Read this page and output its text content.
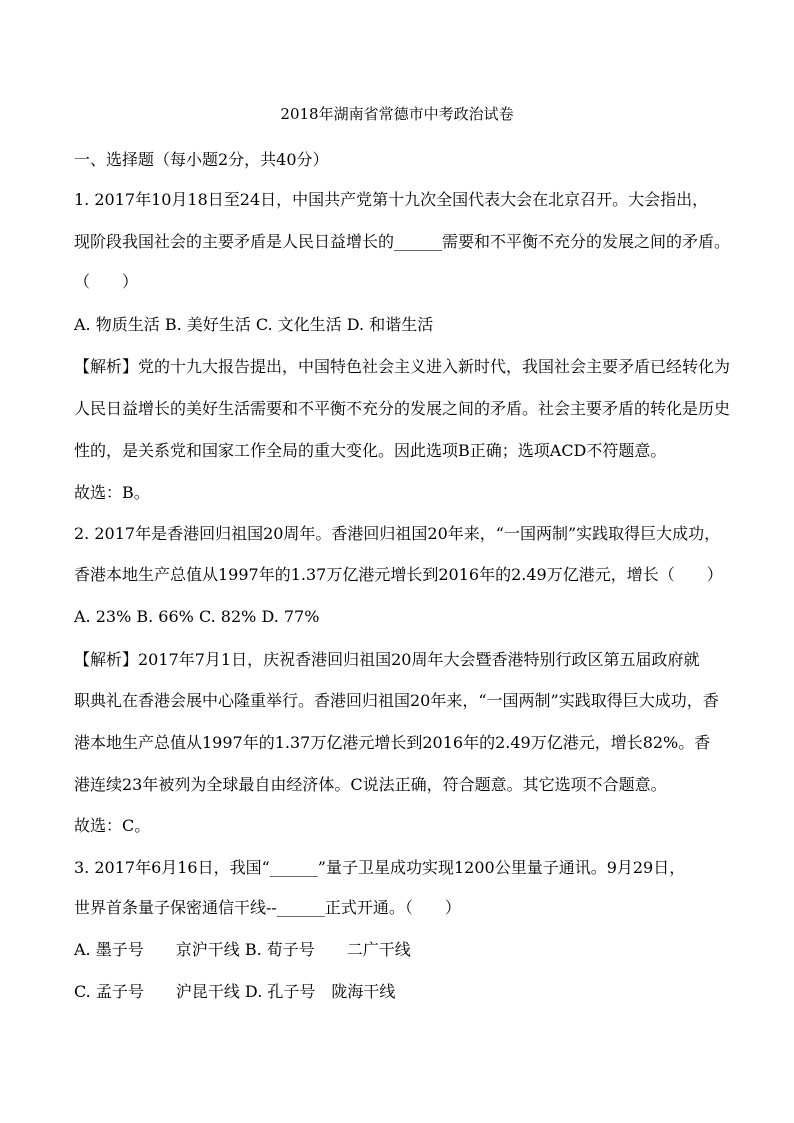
2018年湖南省常德市中考政治试卷
一、选择题（每小题2分，共40分）
1. 2017年10月18日至24日，中国共产党第十九次全国代表大会在北京召开。大会指出，
现阶段我国社会的主要矛盾是人民日益增长的______需要和不平衡不充分的发展之间的矛盾。
（　　）
A. 物质生活 B. 美好生活 C. 文化生活 D. 和谐生活
【解析】党的十九大报告提出，中国特色社会主义进入新时代，我国社会主要矛盾已经转化为
人民日益增长的美好生活需要和不平衡不充分的发展之间的矛盾。社会主要矛盾的转化是历史
性的，是关系党和国家工作全局的重大变化。因此选项B正确；选项ACD不符题意。
故选：B。
2. 2017年是香港回归祖国20周年。香港回归祖国20年来，“一国两制”实践取得巨大成功，
香港本地生产总值从1997年的1.37万亿港元增长到2016年的2.49万亿港元，增长（　　）
A. 23% B. 66% C. 82% D. 77%
【解析】2017年7月1日，庆祝香港回归祖国20周年大会暨香港特别行政区第五届政府就
职典礼在香港会展中心隆重举行。香港回归祖国20年来，“一国两制”实践取得巨大成功，香
港本地生产总值从1997年的1.37万亿港元增长到2016年的2.49万亿港元，增长82%。香
港连续23年被列为全球最自由经济体。C说法正确，符合题意。其它选项不合题意。
故选：C。
3. 2017年6月16日，我国“______”量子卫星成功实现1200公里量子通讯。9月29日，
世界首条量子保密通信干线--______正式开通。（　　）
A. 墨子号　　京沪干线 B. 荀子号　　二广干线
C. 孟子号　　沪昆干线 D. 孔子号　陇海干线
